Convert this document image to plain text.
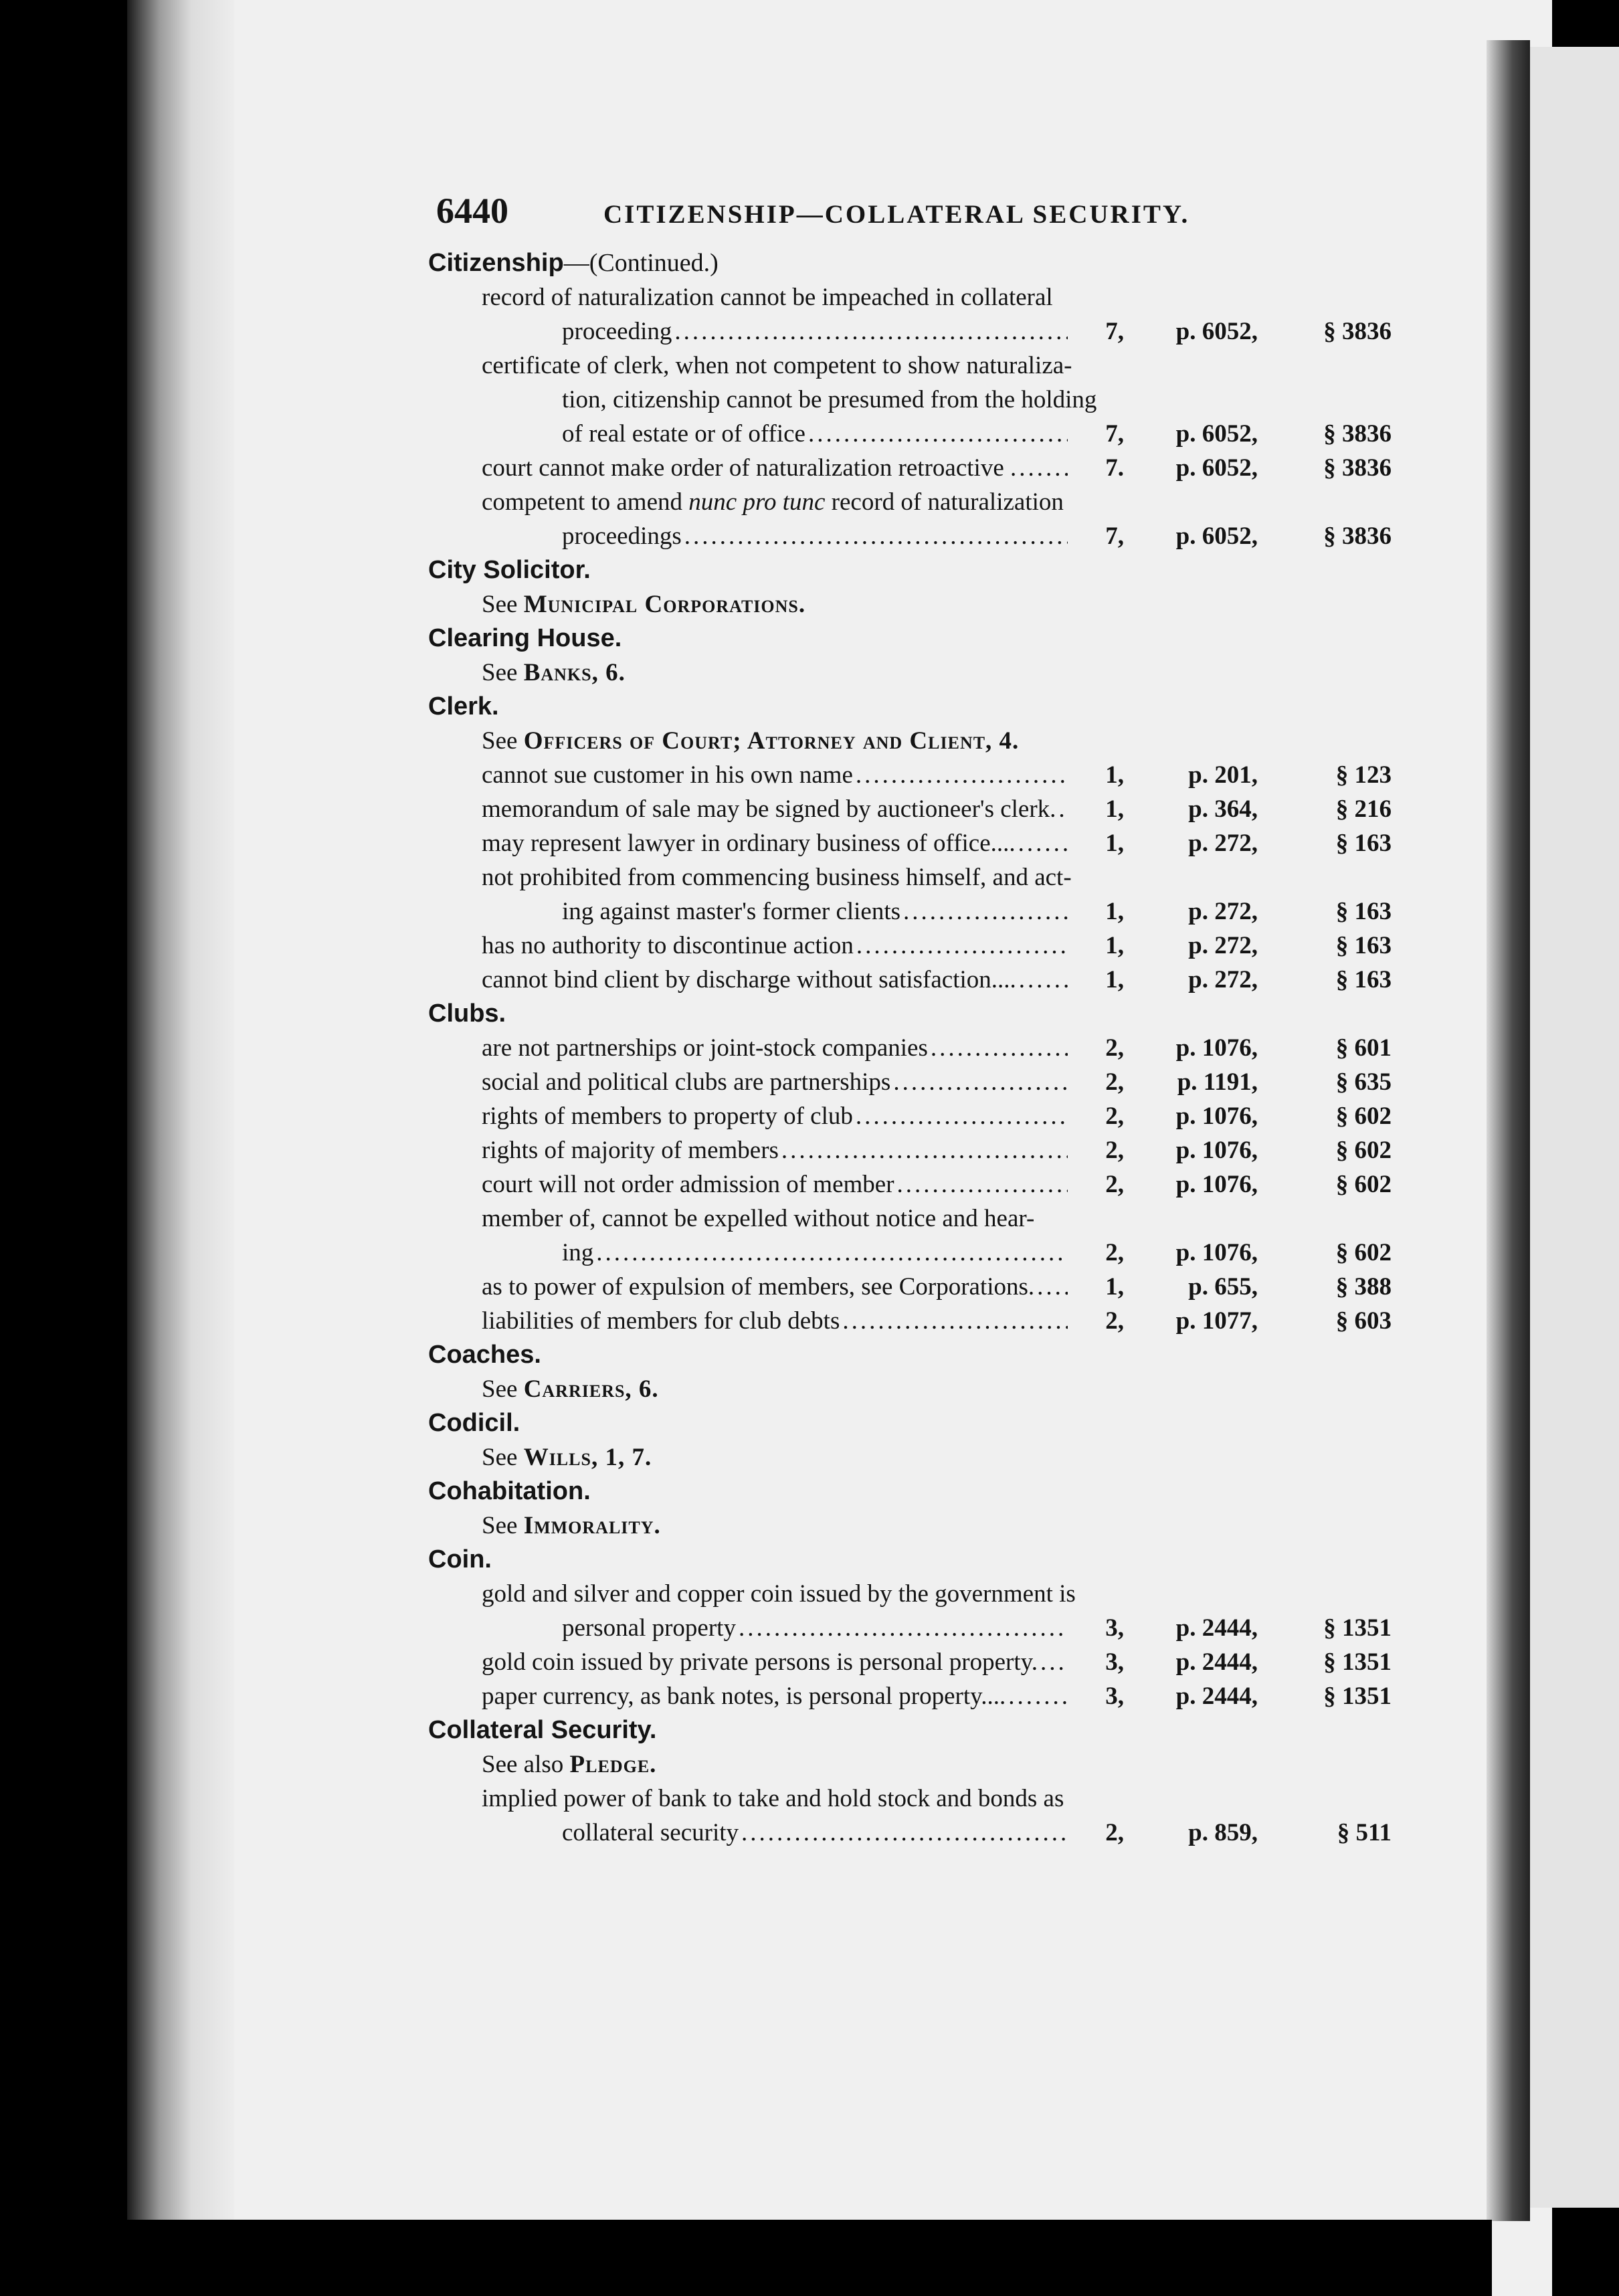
6440	CITIZENSHIP—COLLATERAL SECURITY.
Citizenship—(Continued.)
record of naturalization cannot be impeached in collateral
proceeding .....	7,	p. 6052,	§ 3836
certificate of clerk, when not competent to show naturaliza-
tion, citizenship cannot be presumed from the holding
of real estate or of office .....	7,	p. 6052,	§ 3836
court cannot make order of naturalization retroactive . .....	7.	p. 6052,	§ 3836
competent to amend nunc pro tunc record of naturalization
proceedings .....	7,	p. 6052,	§ 3836
City Solicitor.
See Municipal Corporations.
Clearing House.
See Banks, 6.
Clerk.
See Officers of Court; Attorney and Client, 4.
cannot sue customer in his own name .....	1,	p. 201,	§ 123
memorandum of sale may be signed by auctioneer's clerk. .....	1,	p. 364,	§ 216
may represent lawyer in ordinary business of office.... .....	1,	p. 272,	§ 163
not prohibited from commencing business himself, and act-
ing against master's former clients .....	1,	p. 272,	§ 163
has no authority to discontinue action .....	1,	p. 272,	§ 163
cannot bind client by discharge without satisfaction.... .....	1,	p. 272,	§ 163
Clubs.
are not partnerships or joint-stock companies .....	2,	p. 1076,	§ 601
social and political clubs are partnerships .....	2,	p. 1191,	§ 635
rights of members to property of club .....	2,	p. 1076,	§ 602
rights of majority of members .....	2,	p. 1076,	§ 602
court will not order admission of member .....	2,	p. 1076,	§ 602
member of, cannot be expelled without notice and hear-
ing .....	2,	p. 1076,	§ 602
as to power of expulsion of members, see Corporations. .....	1,	p. 655,	§ 388
liabilities of members for club debts .....	2,	p. 1077,	§ 603
Coaches.
See Carriers, 6.
Codicil.
See Wills, 1, 7.
Cohabitation.
See Immorality.
Coin.
gold and silver and copper coin issued by the government is
personal property .....	3,	p. 2444,	§ 1351
gold coin issued by private persons is personal property. .....	3,	p. 2444,	§ 1351
paper currency, as bank notes, is personal property.... .....	3,	p. 2444,	§ 1351
Collateral Security.
See also Pledge.
implied power of bank to take and hold stock and bonds as
collateral security .....	2,	p. 859,	§ 511
